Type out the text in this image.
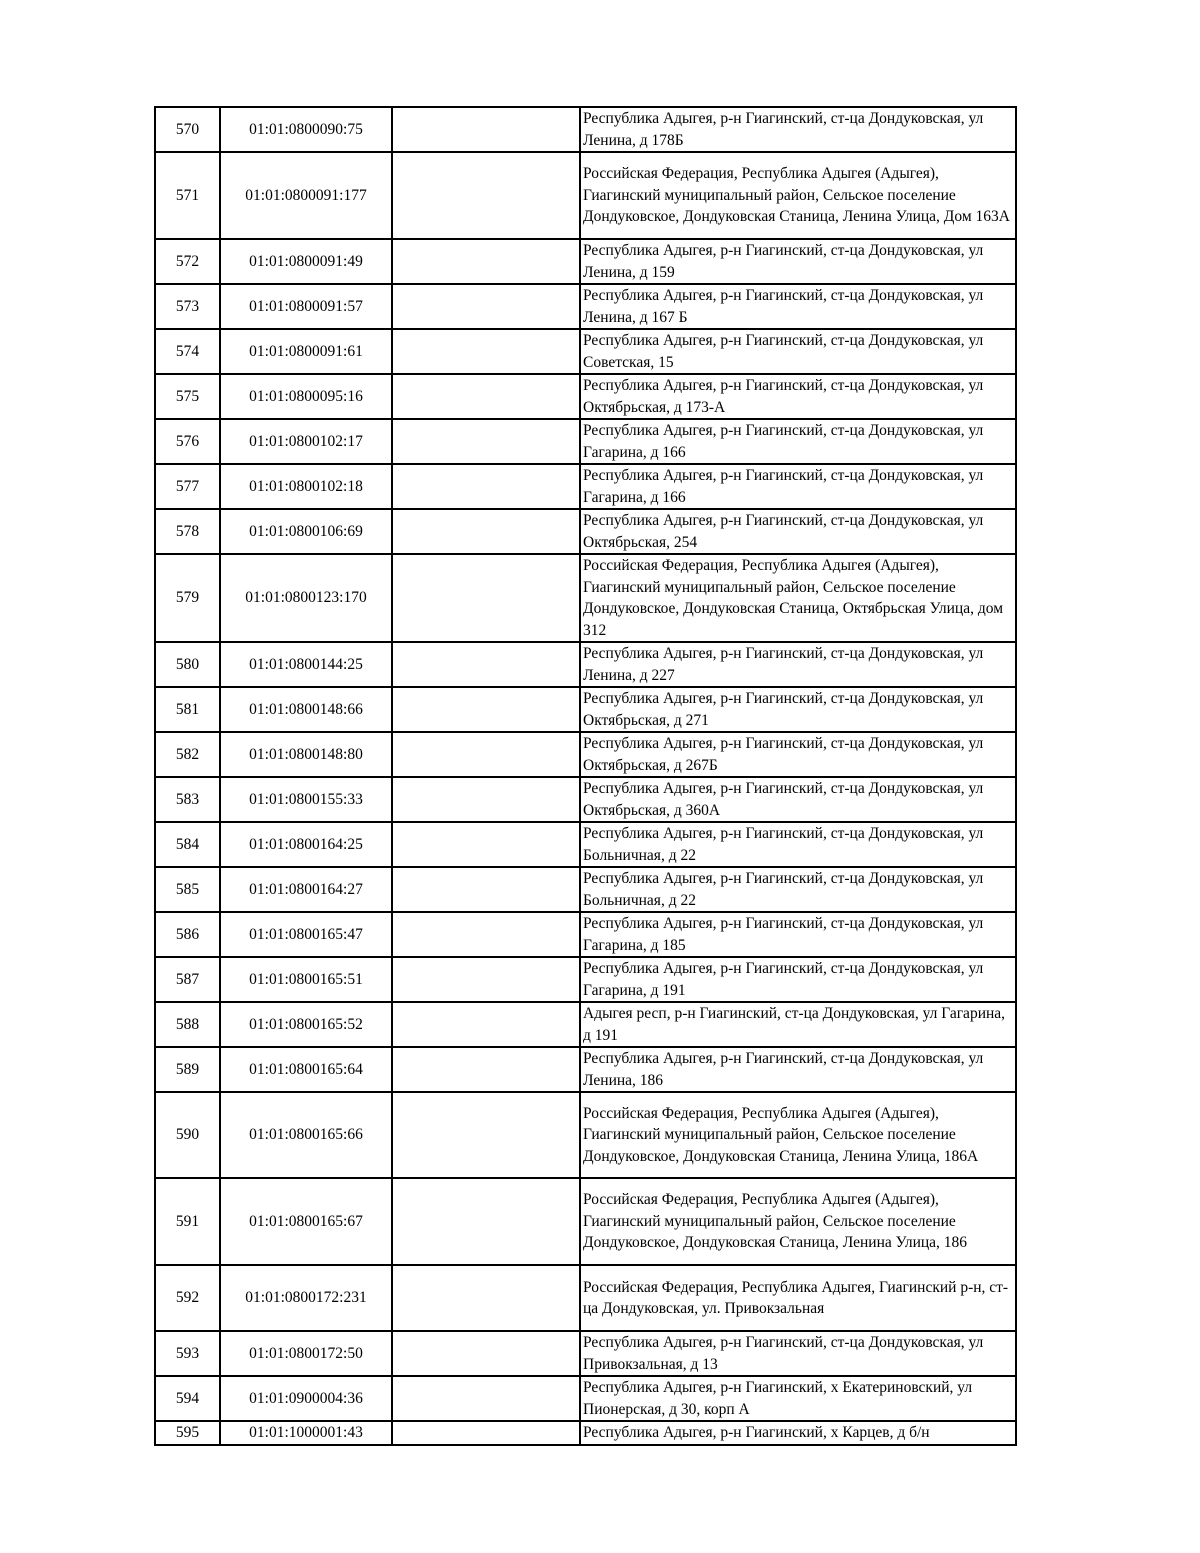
570	01:01:0800090:75		Республика Адыгея, р-н Гиагинский, ст-ца Дондуковская, ул Ленина, д 178Б
571	01:01:0800091:177		Российская Федерация, Республика Адыгея (Адыгея), Гиагинский муниципальный район, Сельское поселение Дондуковское, Дондуковская Станица, Ленина Улица, Дом 163А
572	01:01:0800091:49		Республика Адыгея, р-н Гиагинский, ст-ца Дондуковская, ул Ленина, д 159
573	01:01:0800091:57		Республика Адыгея, р-н Гиагинский, ст-ца Дондуковская, ул Ленина, д 167 Б
574	01:01:0800091:61		Республика Адыгея, р-н Гиагинский, ст-ца Дондуковская, ул Советская, 15
575	01:01:0800095:16		Республика Адыгея, р-н Гиагинский, ст-ца Дондуковская, ул Октябрьская, д 173-А
576	01:01:0800102:17		Республика Адыгея, р-н Гиагинский, ст-ца Дондуковская, ул Гагарина, д 166
577	01:01:0800102:18		Республика Адыгея, р-н Гиагинский, ст-ца Дондуковская, ул Гагарина, д 166
578	01:01:0800106:69		Республика Адыгея, р-н Гиагинский, ст-ца Дондуковская, ул Октябрьская, 254
579	01:01:0800123:170		Российская Федерация, Республика Адыгея (Адыгея), Гиагинский муниципальный район, Сельское поселение Дондуковское, Дондуковская Станица, Октябрьская Улица, дом 312
580	01:01:0800144:25		Республика Адыгея, р-н Гиагинский, ст-ца Дондуковская, ул Ленина, д 227
581	01:01:0800148:66		Республика Адыгея, р-н Гиагинский, ст-ца Дондуковская, ул Октябрьская, д 271
582	01:01:0800148:80		Республика Адыгея, р-н Гиагинский, ст-ца Дондуковская, ул Октябрьская, д 267Б
583	01:01:0800155:33		Республика Адыгея, р-н Гиагинский, ст-ца Дондуковская, ул Октябрьская, д 360А
584	01:01:0800164:25		Республика Адыгея, р-н Гиагинский, ст-ца Дондуковская, ул Больничная, д 22
585	01:01:0800164:27		Республика Адыгея, р-н Гиагинский, ст-ца Дондуковская, ул Больничная, д 22
586	01:01:0800165:47		Республика Адыгея, р-н Гиагинский, ст-ца Дондуковская, ул Гагарина, д 185
587	01:01:0800165:51		Республика Адыгея, р-н Гиагинский, ст-ца Дондуковская, ул Гагарина, д 191
588	01:01:0800165:52		Адыгея респ, р-н Гиагинский, ст-ца Дондуковская, ул Гагарина, д 191
589	01:01:0800165:64		Республика Адыгея, р-н Гиагинский, ст-ца Дондуковская, ул Ленина, 186
590	01:01:0800165:66		Российская Федерация, Республика Адыгея (Адыгея), Гиагинский муниципальный район, Сельское поселение Дондуковское, Дондуковская Станица, Ленина Улица, 186А
591	01:01:0800165:67		Российская Федерация, Республика Адыгея (Адыгея), Гиагинский муниципальный район, Сельское поселение Дондуковское, Дондуковская Станица, Ленина Улица, 186
592	01:01:0800172:231		Российская Федерация, Республика Адыгея, Гиагинский р-н, ст-ца Дондуковская, ул. Привокзальная
593	01:01:0800172:50		Республика Адыгея, р-н Гиагинский, ст-ца Дондуковская, ул Привокзальная, д 13
594	01:01:0900004:36		Республика Адыгея, р-н Гиагинский, х Екатериновский, ул Пионерская, д 30, корп А
595	01:01:1000001:43		Республика Адыгея, р-н Гиагинский, х Карцев, д б/н
